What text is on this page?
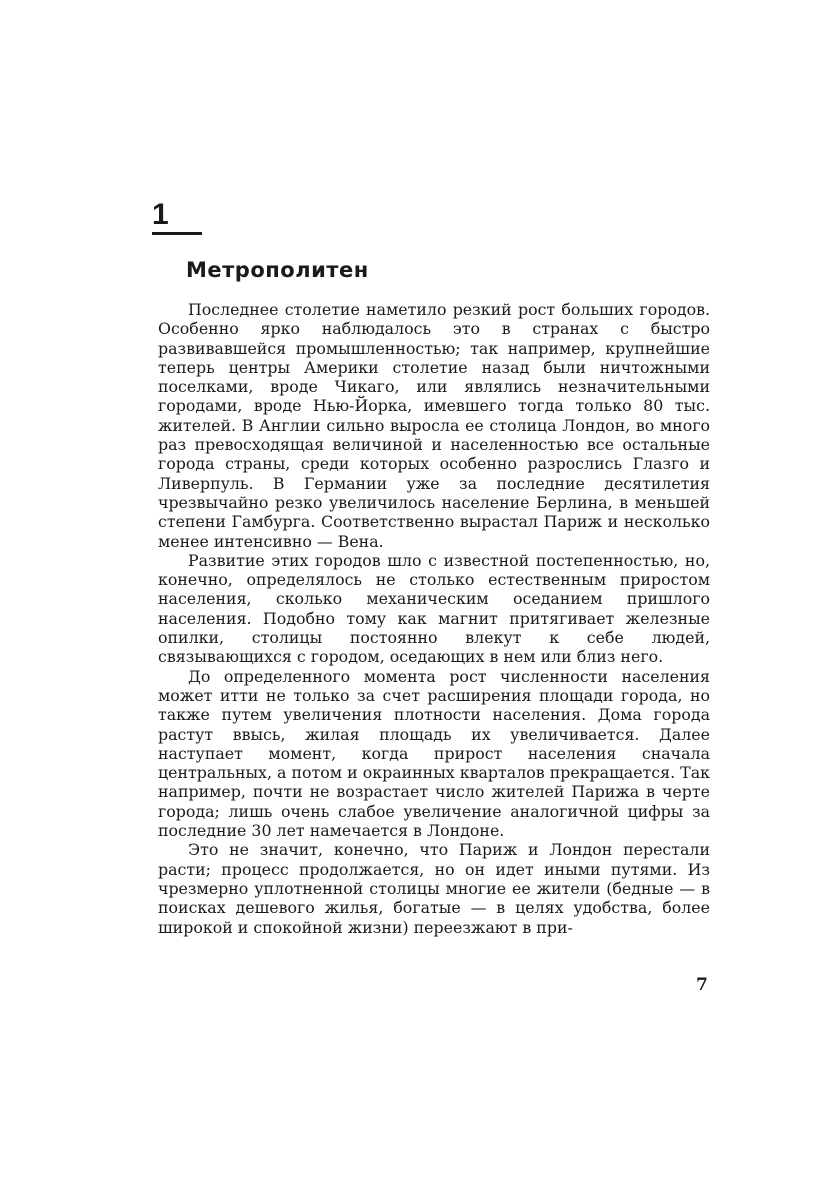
1
Метрополитен

Последнее столетие наметило резкий рост больших городов. Особенно ярко наблюдалось это в странах с быстро развивавшейся промышленностью; так например, крупнейшие теперь центры Америки столетие назад были ничтожными поселками, вроде Чикаго, или являлись незначительными городами, вроде Нью-Йорка, имевшего тогда только 80 тыс. жителей. В Англии сильно выросла ее столица Лондон, во много раз превосходящая величиной и населенностью все остальные города страны, среди которых особенно разрослись Глазго и Ливерпуль. В Германии уже за последние десятилетия чрезвычайно резко увеличилось население Берлина, в меньшей степени Гамбурга. Соответственно вырастал Париж и несколько менее интенсивно — Вена.

Развитие этих городов шло с известной постепенностью, но, конечно, определялось не столько естественным приростом населения, сколько механическим оседанием пришлого населения. Подобно тому как магнит притягивает железные опилки, столицы постоянно влекут к себе людей, связывающихся с городом, оседающих в нем или близ него.

До определенного момента рост численности населения может итти не только за счет расширения площади города, но также путем увеличения плотности населения. Дома города растут ввысь, жилая площадь их увеличивается. Далее наступает момент, когда прирост населения сначала центральных, а потом и окраинных кварталов прекращается. Так например, почти не возрастает число жителей Парижа в черте города; лишь очень слабое увеличение аналогичной цифры за последние 30 лет намечается в Лондоне.

Это не значит, конечно, что Париж и Лондон перестали расти; процесс продолжается, но он идет иными путями. Из чрезмерно уплотненной столицы многие ее жители (бедные — в поисках дешевого жилья, богатые — в целях удобства, более широкой и спокойной жизни) переезжают в при-

7
